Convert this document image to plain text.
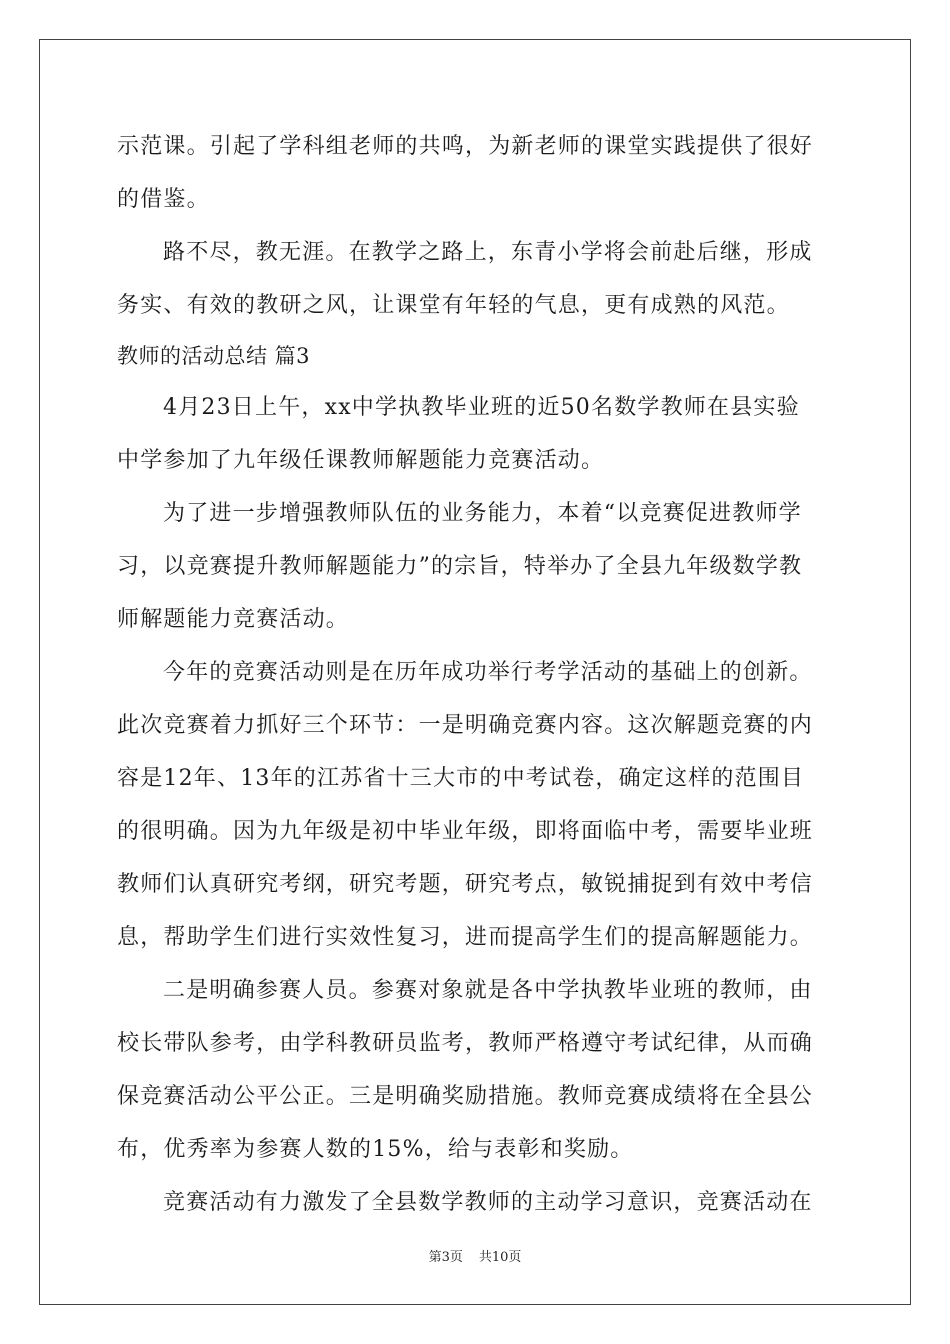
示范课。引起了学科组老师的共鸣，为新老师的课堂实践提供了很好
的借鉴。
路不尽，教无涯。在教学之路上，东青小学将会前赴后继，形成
务实、有效的教研之风，让课堂有年轻的气息，更有成熟的风范。
教师的活动总结 篇3
4月23日上午，xx中学执教毕业班的近50名数学教师在县实验
中学参加了九年级任课教师解题能力竞赛活动。
为了进一步增强教师队伍的业务能力，本着“以竞赛促进教师学
习，以竞赛提升教师解题能力”的宗旨，特举办了全县九年级数学教
师解题能力竞赛活动。
今年的竞赛活动则是在历年成功举行考学活动的基础上的创新。
此次竞赛着力抓好三个环节：一是明确竞赛内容。这次解题竞赛的内
容是12年、13年的江苏省十三大市的中考试卷，确定这样的范围目
的很明确。因为九年级是初中毕业年级，即将面临中考，需要毕业班
教师们认真研究考纲，研究考题，研究考点，敏锐捕捉到有效中考信
息，帮助学生们进行实效性复习，进而提高学生们的提高解题能力。
二是明确参赛人员。参赛对象就是各中学执教毕业班的教师，由
校长带队参考，由学科教研员监考，教师严格遵守考试纪律，从而确
保竞赛活动公平公正。三是明确奖励措施。教师竞赛成绩将在全县公
布，优秀率为参赛人数的15%，给与表彰和奖励。
竞赛活动有力激发了全县数学教师的主动学习意识，竞赛活动在
第3页 共10页
